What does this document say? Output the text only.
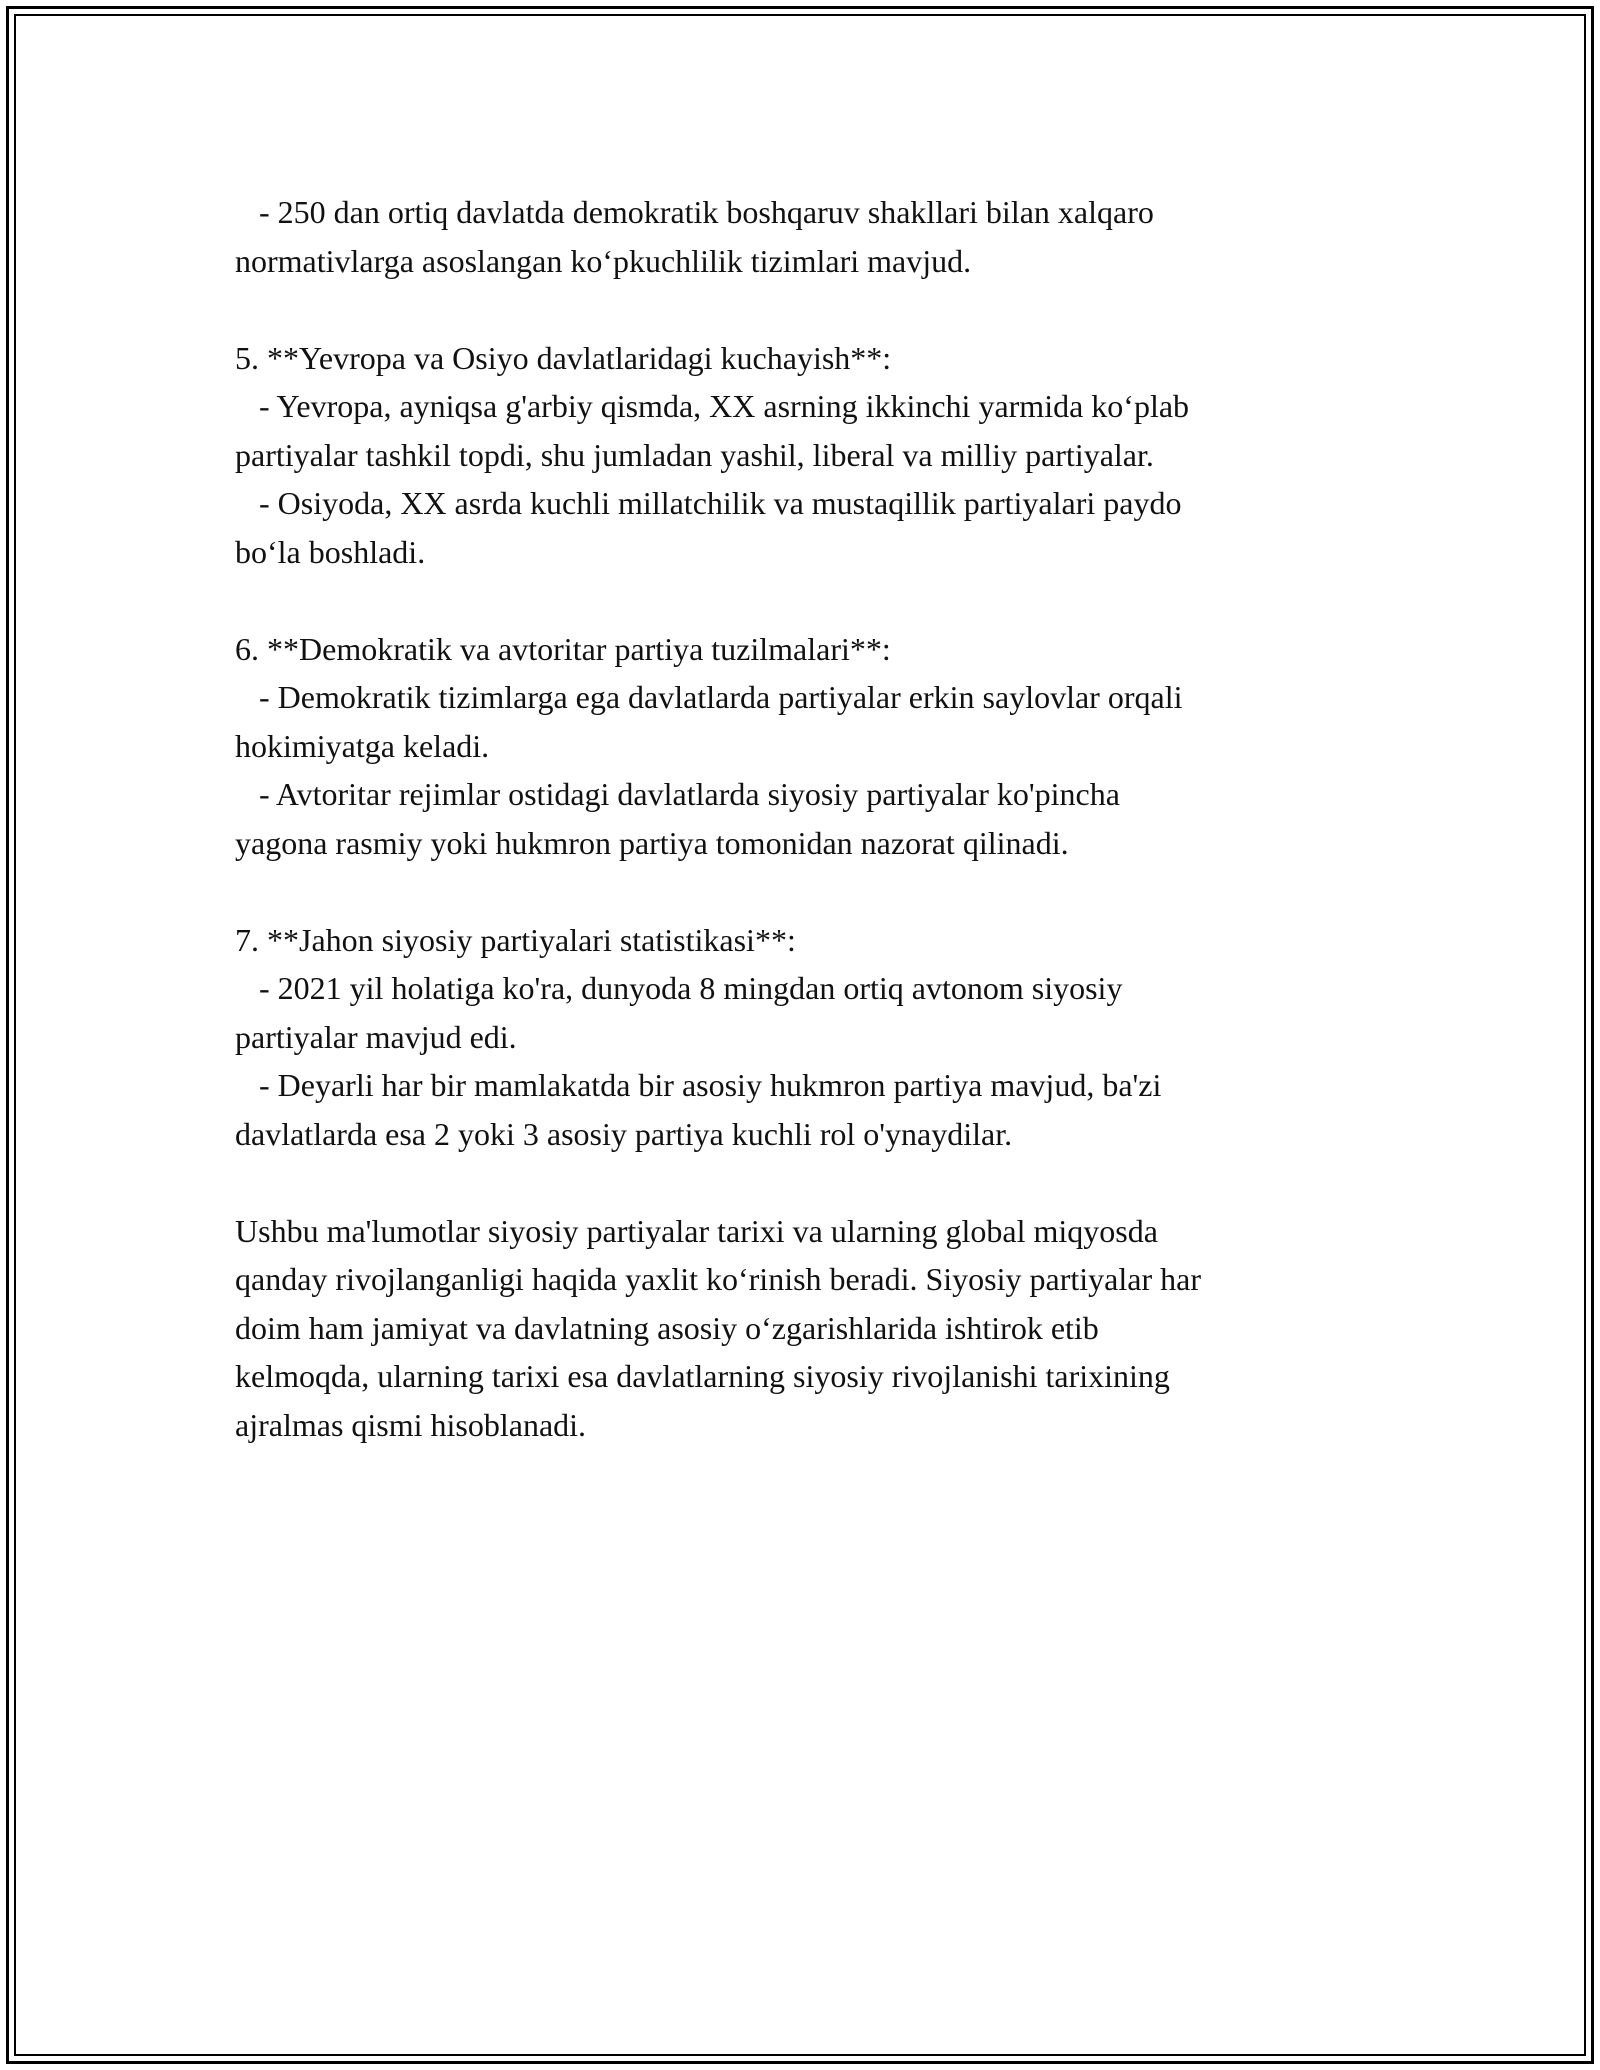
- 250 dan ortiq davlatda demokratik boshqaruv shakllari bilan xalqaro
normativlarga asoslangan ko‘pkuchlilik tizimlari mavjud.
5. **Yevropa va Osiyo davlatlaridagi kuchayish**:
- Yevropa, ayniqsa g'arbiy qismda, XX asrning ikkinchi yarmida ko‘plab
partiyalar tashkil topdi, shu jumladan yashil, liberal va milliy partiyalar.
- Osiyoda, XX asrda kuchli millatchilik va mustaqillik partiyalari paydo
bo‘la boshladi.
6. **Demokratik va avtoritar partiya tuzilmalari**:
- Demokratik tizimlarga ega davlatlarda partiyalar erkin saylovlar orqali
hokimiyatga keladi.
- Avtoritar rejimlar ostidagi davlatlarda siyosiy partiyalar ko'pincha
yagona rasmiy yoki hukmron partiya tomonidan nazorat qilinadi.
7. **Jahon siyosiy partiyalari statistikasi**:
- 2021 yil holatiga ko'ra, dunyoda 8 mingdan ortiq avtonom siyosiy
partiyalar mavjud edi.
- Deyarli har bir mamlakatda bir asosiy hukmron partiya mavjud, ba'zi
davlatlarda esa 2 yoki 3 asosiy partiya kuchli rol o'ynaydilar.
Ushbu ma'lumotlar siyosiy partiyalar tarixi va ularning global miqyosda
qanday rivojlanganligi haqida yaxlit ko‘rinish beradi. Siyosiy partiyalar har
doim ham jamiyat va davlatning asosiy o‘zgarishlarida ishtirok etib
kelmoqda, ularning tarixi esa davlatlarning siyosiy rivojlanishi tarixining
ajralmas qismi hisoblanadi.
